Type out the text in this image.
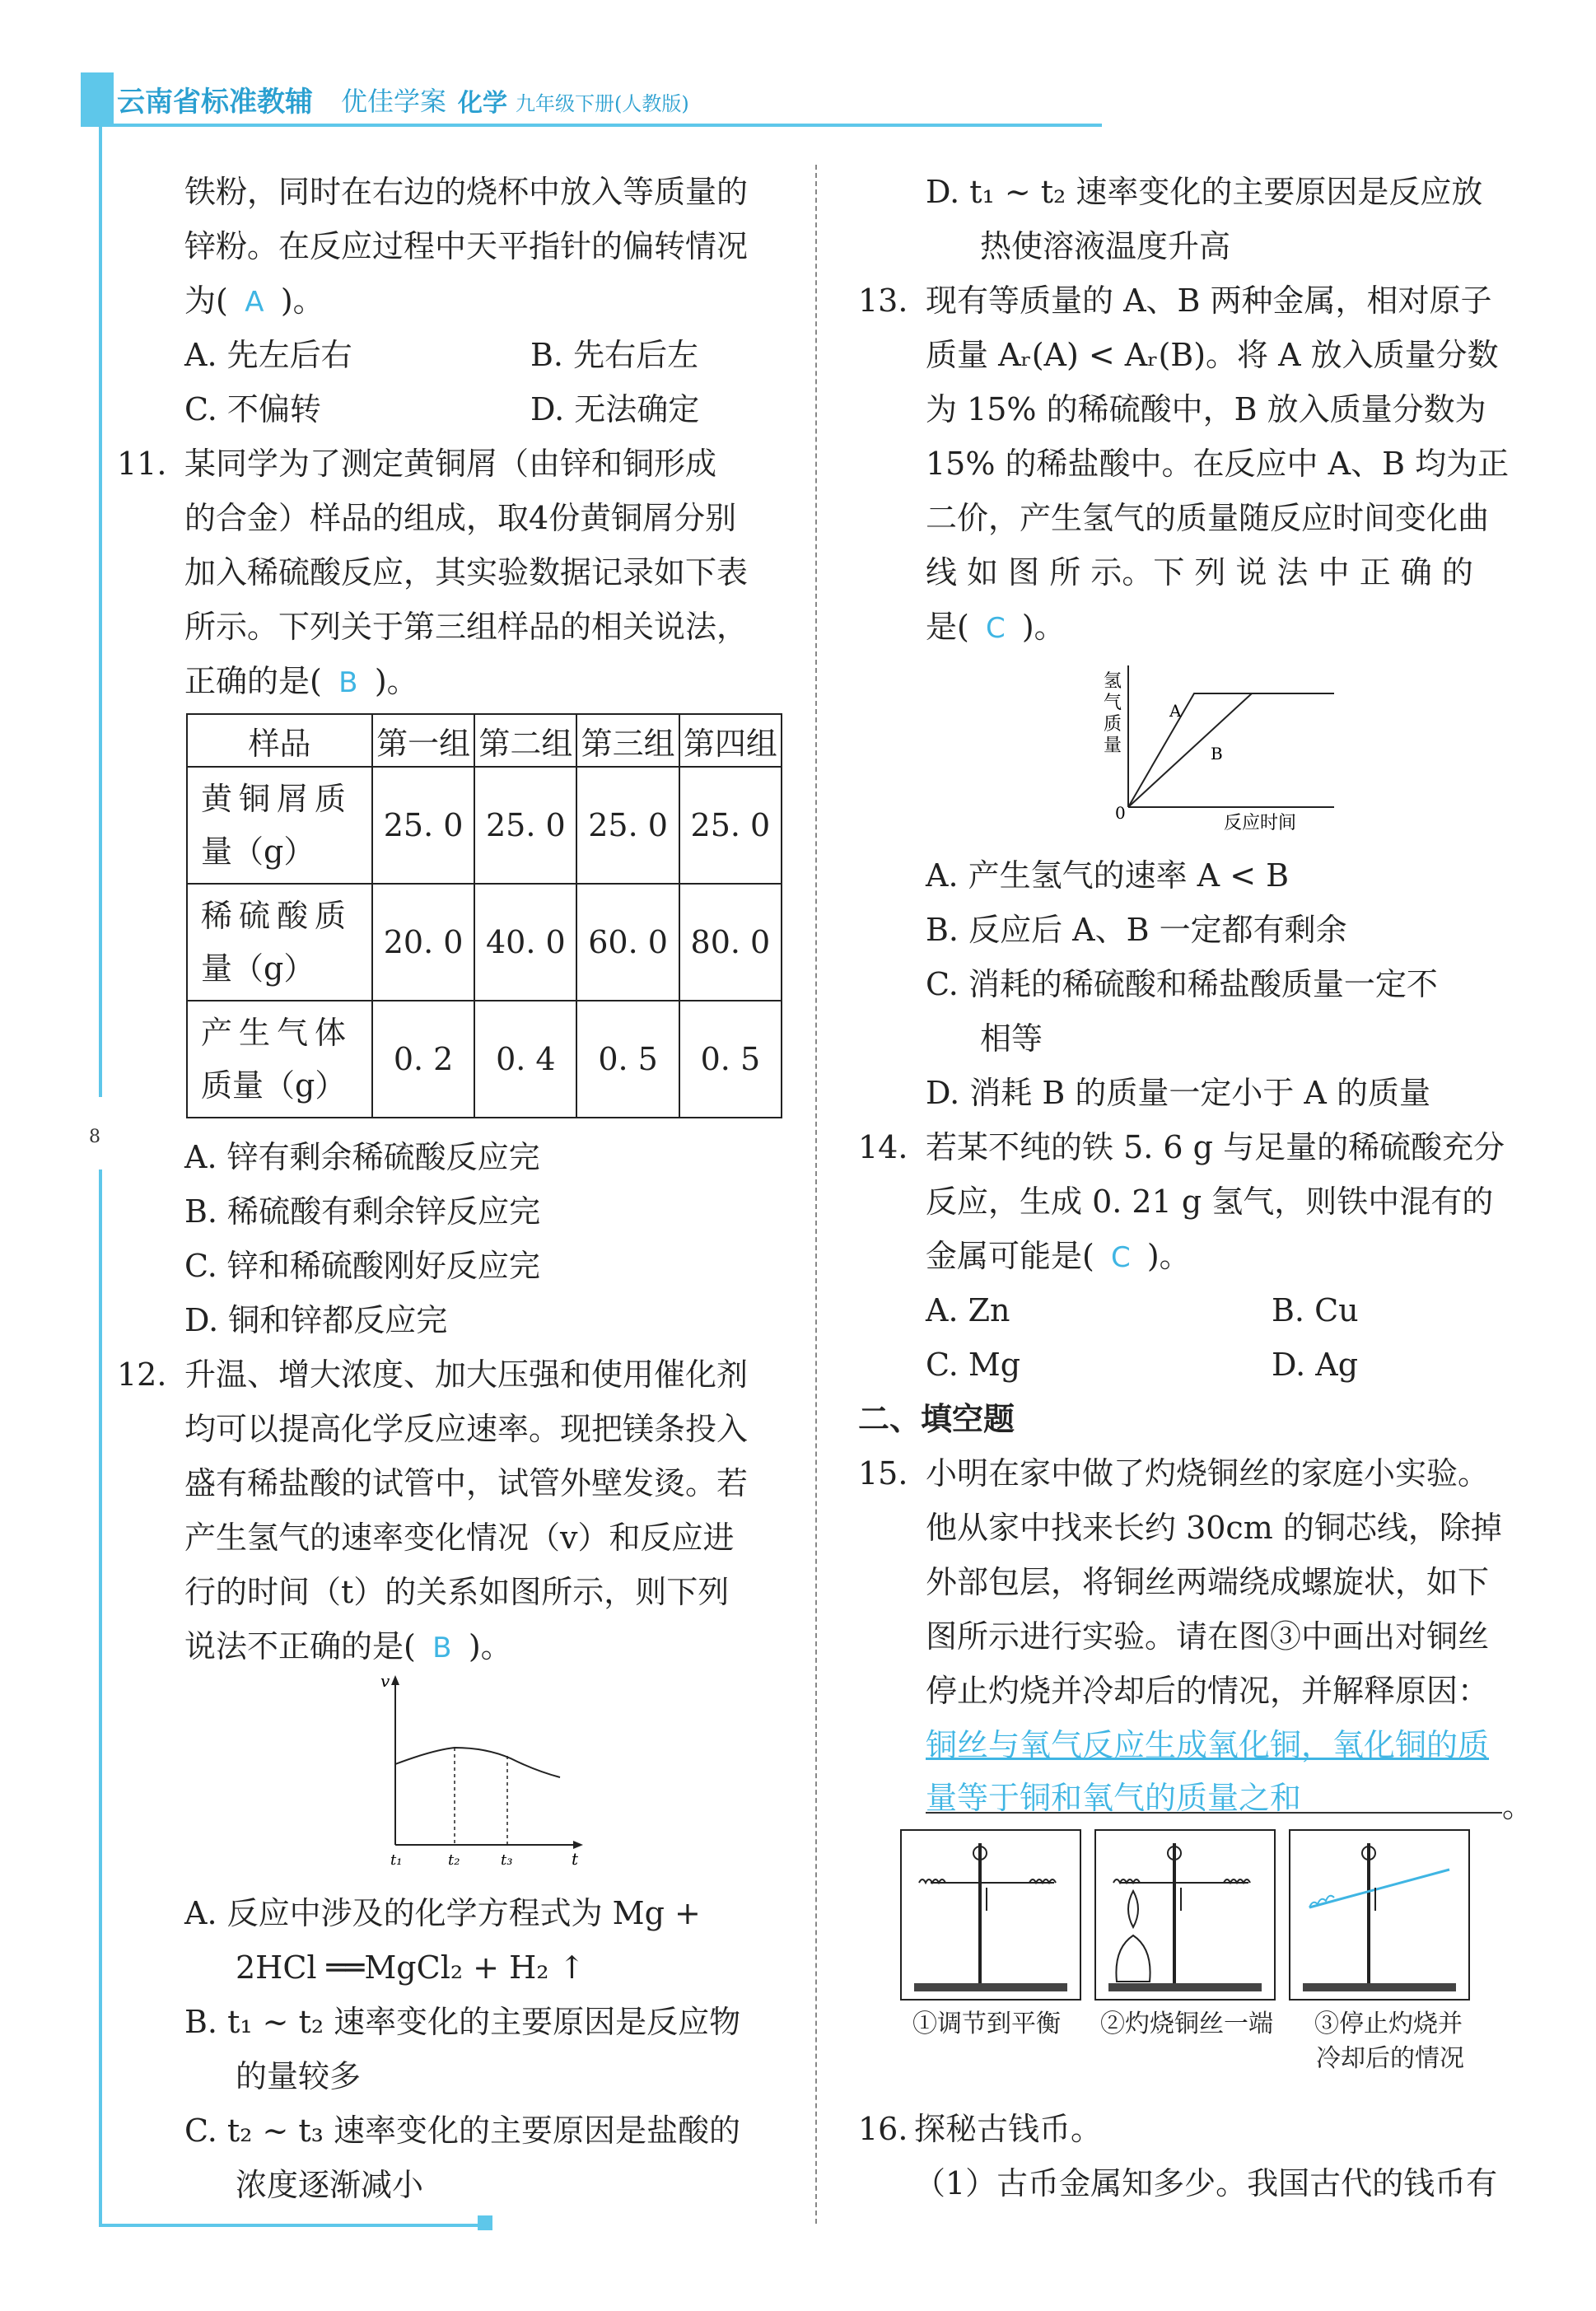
云南省标准教辅 优佳学案 化学 九年级下册(人教版)
8
铁粉，同时在右边的烧杯中放入等质量的
锌粉。在反应过程中天平指针的偏转情况
为( A )。
A. 先左后右	B. 先右后左
C. 不偏转	D. 无法确定
11. 某同学为了测定黄铜屑（由锌和铜形成
的合金）样品的组成，取4份黄铜屑分别
加入稀硫酸反应，其实验数据记录如下表
所示。下列关于第三组样品的相关说法，
正确的是( B )。
样品	第一组	第二组	第三组	第四组
黄铜屑质
量（g）	25. 0	25. 0	25. 0	25. 0
稀硫酸质
量（g）	20. 0	40. 0	60. 0	80. 0
产生气体
质量（g）	0. 2	0. 4	0. 5	0. 5
A. 锌有剩余稀硫酸反应完
B. 稀硫酸有剩余锌反应完
C. 锌和稀硫酸刚好反应完
D. 铜和锌都反应完
12. 升温、增大浓度、加大压强和使用催化剂
均可以提高化学反应速率。现把镁条投入
盛有稀盐酸的试管中，试管外壁发烫。若
产生氢气的速率变化情况（v）和反应进
行的时间（t）的关系如图所示，则下列
说法不正确的是( B )。
v
t
t₁	t₂	t₃
A. 反应中涉及的化学方程式为 Mg +
2HCl ══MgCl₂ + H₂ ↑
B. t₁ ~ t₂ 速率变化的主要原因是反应物
的量较多
C. t₂ ~ t₃ 速率变化的主要原因是盐酸的
浓度逐渐减小
D. t₁ ~ t₂ 速率变化的主要原因是反应放
热使溶液温度升高
13. 现有等质量的 A、B 两种金属，相对原子
质量 Aᵣ(A) < Aᵣ(B)。将 A 放入质量分数
为 15% 的稀硫酸中，B 放入质量分数为
15% 的稀盐酸中。在反应中 A、B 均为正
二价，产生氢气的质量随反应时间变化曲
线 如 图 所 示。下 列 说 法 中 正 确 的
是( C )。
氢
气
质
量
0	反应时间
A
B
A. 产生氢气的速率 A < B
B. 反应后 A、B 一定都有剩余
C. 消耗的稀硫酸和稀盐酸质量一定不
相等
D. 消耗 B 的质量一定小于 A 的质量
14. 若某不纯的铁 5. 6 g 与足量的稀硫酸充分
反应，生成 0. 21 g 氢气，则铁中混有的
金属可能是( C )。
A. Zn	B. Cu
C. Mg	D. Ag
二、填空题
15. 小明在家中做了灼烧铜丝的家庭小实验。
他从家中找来长约 30cm 的铜芯线，除掉
外部包层，将铜丝两端绕成螺旋状，如下
图所示进行实验。请在图③中画出对铜丝
停止灼烧并冷却后的情况，并解释原因：
铜丝与氧气反应生成氧化铜，氧化铜的质
量等于铜和氧气的质量之和	。
①调节到平衡 ②灼烧铜丝一端 ③停止灼烧并
冷却后的情况
16. 探秘古钱币。
（1）古币金属知多少。我国古代的钱币有
